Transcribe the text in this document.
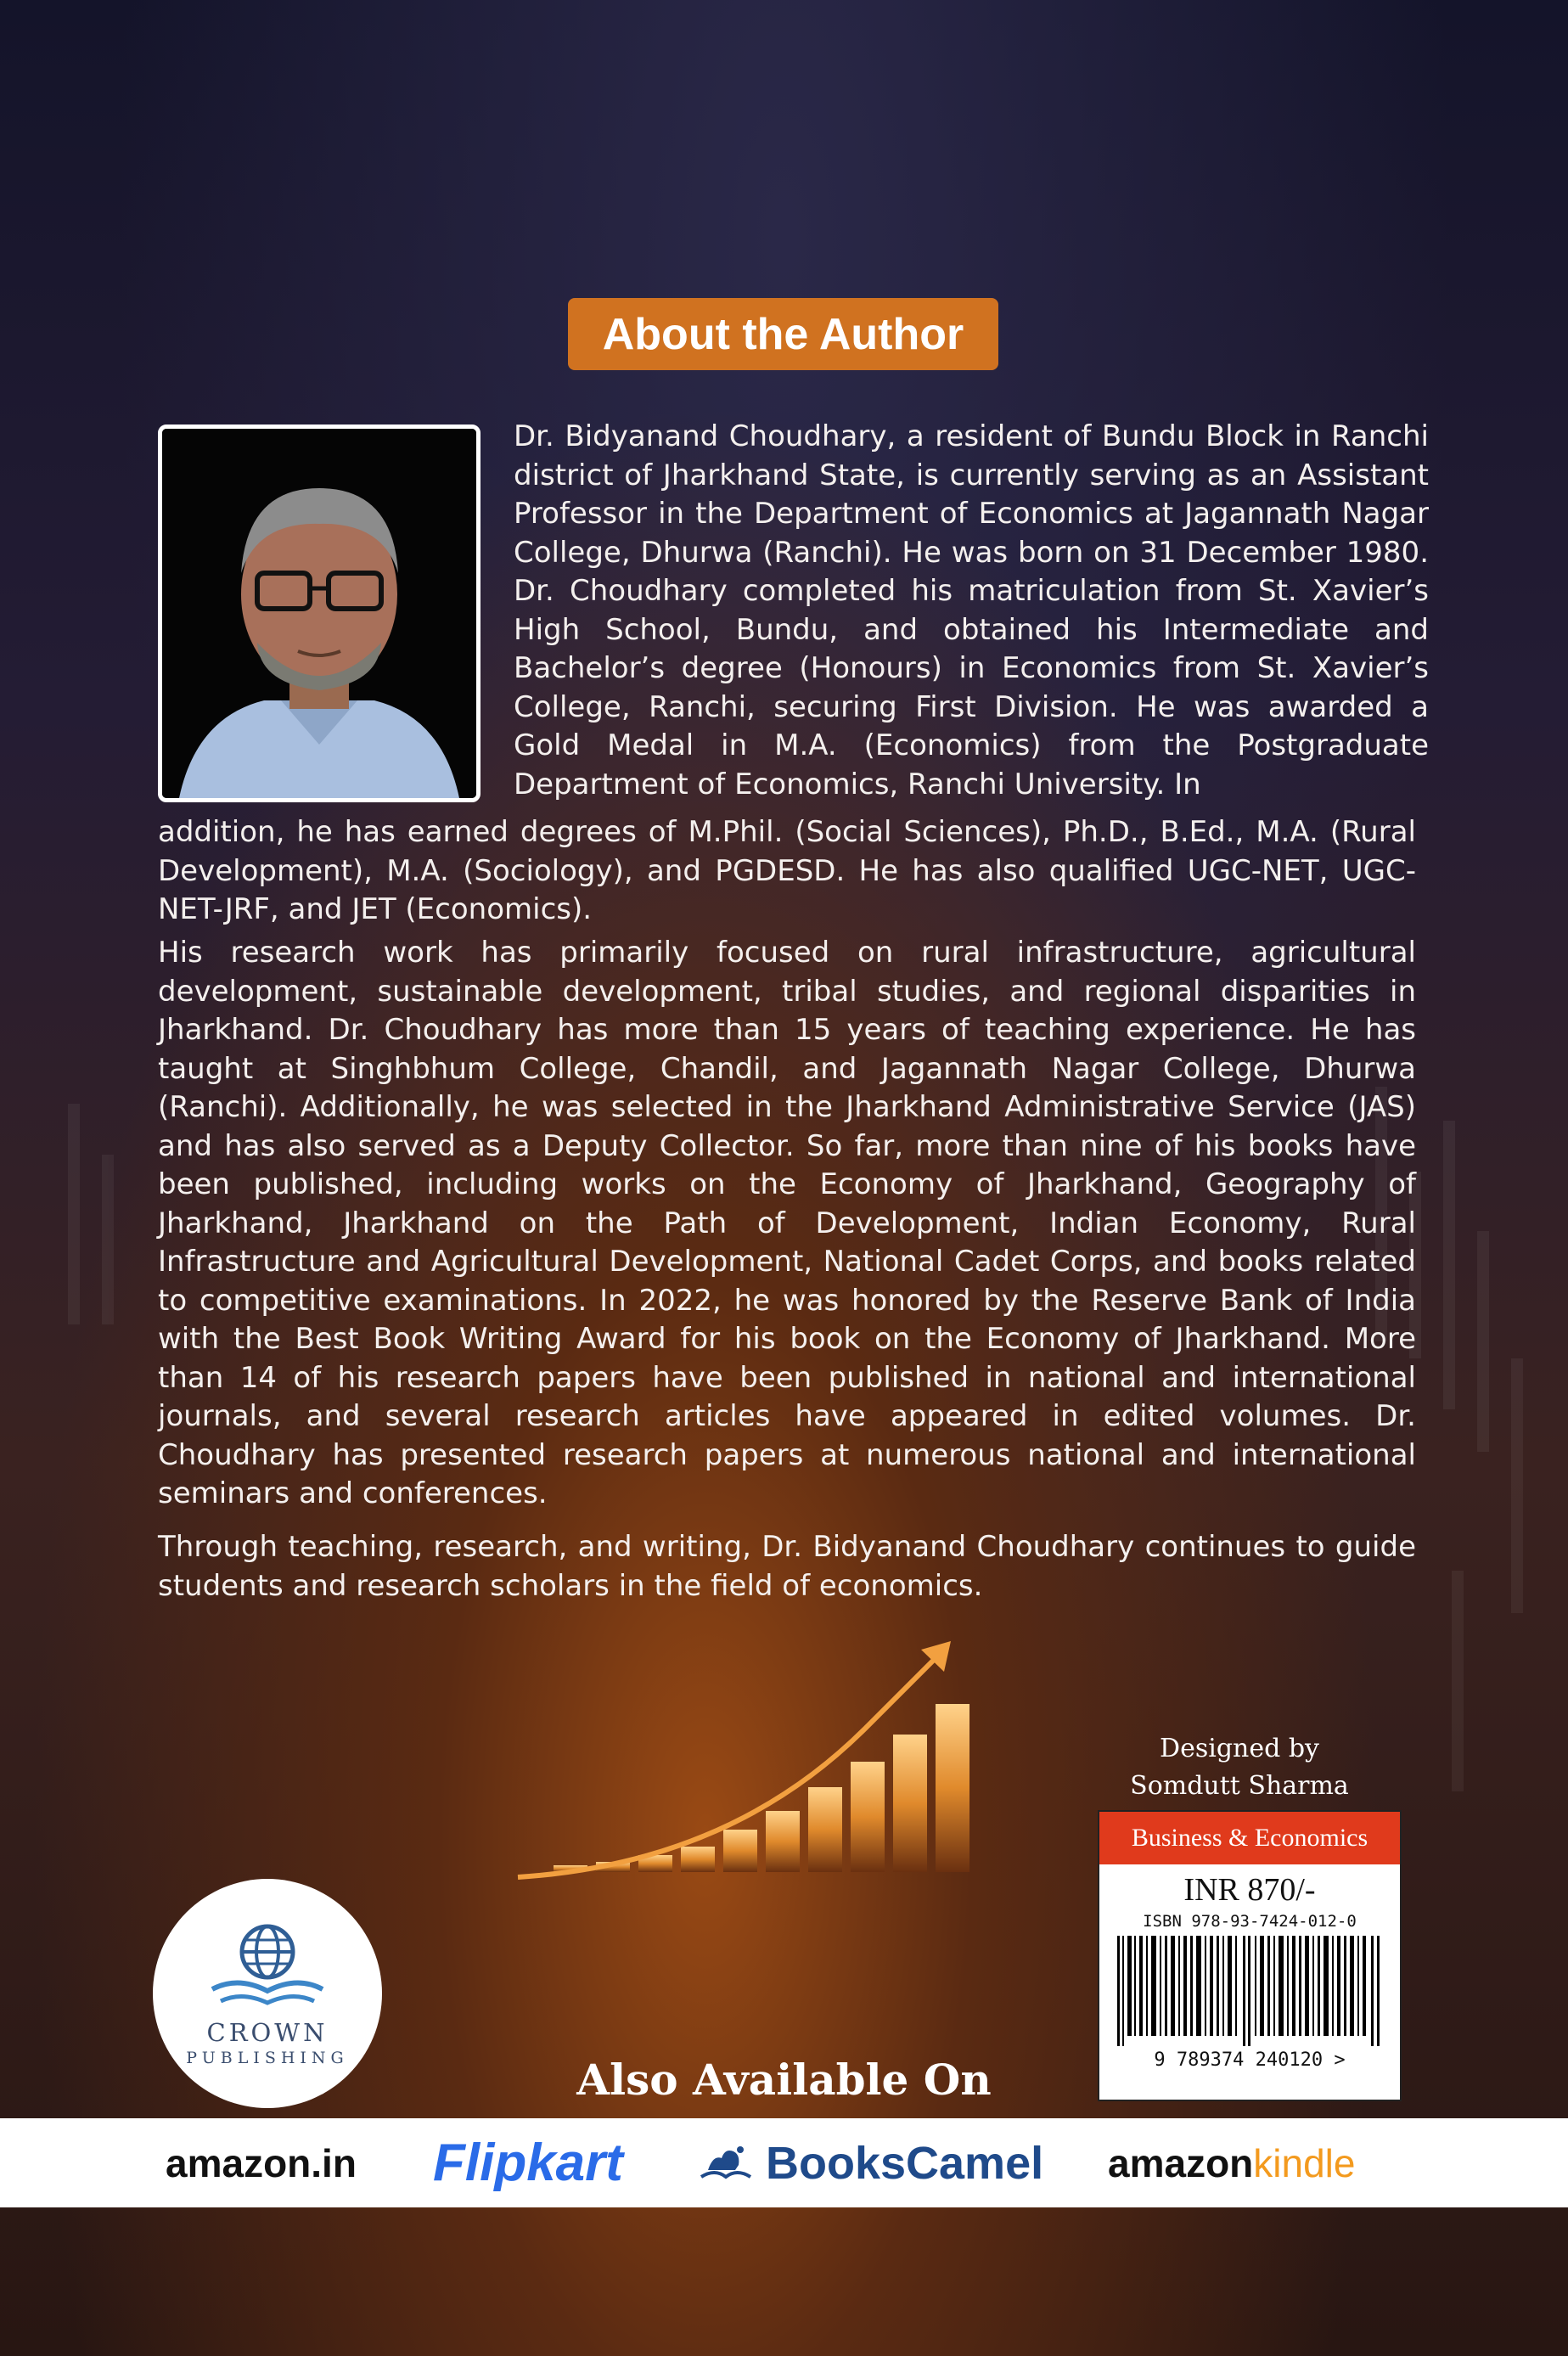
About the Author

Dr. Bidyanand Choudhary, a resident of Bundu Block in Ranchi district of Jharkhand State, is currently serving as an Assistant Professor in the Department of Economics at Jagannath Nagar College, Dhurwa (Ranchi). He was born on 31 December 1980. Dr. Choudhary completed his matriculation from St. Xavier’s High School, Bundu, and obtained his Intermediate and Bachelor’s degree (Honours) in Economics from St. Xavier’s College, Ranchi, securing First Division. He was awarded a Gold Medal in M.A. (Economics) from the Postgraduate Department of Economics, Ranchi University. In

addition, he has earned degrees of M.Phil. (Social Sciences), Ph.D., B.Ed., M.A. (Rural Development), M.A. (Sociology), and PGDESD. He has also qualified UGC-NET, UGC-NET-JRF, and JET (Economics).

His research work has primarily focused on rural infrastructure, agricultural development, sustainable development, tribal studies, and regional disparities in Jharkhand. Dr. Choudhary has more than 15 years of teaching experience. He has taught at Singhbhum College, Chandil, and Jagannath Nagar College, Dhurwa (Ranchi). Additionally, he was selected in the Jharkhand Administrative Service (JAS) and has also served as a Deputy Collector. So far, more than nine of his books have been published, including works on the Economy of Jharkhand, Geography of Jharkhand, Jharkhand on the Path of Development, Indian Economy, Rural Infrastructure and Agricultural Development, National Cadet Corps, and books related to competitive examinations. In 2022, he was honored by the Reserve Bank of India with the Best Book Writing Award for his book on the Economy of Jharkhand. More than 14 of his research papers have been published in national and international journals, and several research articles have appeared in edited volumes. Dr. Choudhary has presented research papers at numerous national and international seminars and conferences.

Through teaching, research, and writing, Dr. Bidyanand Choudhary continues to guide students and research scholars in the field of economics.

Designed by
Somdutt Sharma
Business & Economics
INR 870/-
ISBN 978-93-7424-012-0
9 789374 240120 >
CROWN
PUBLISHING	Also Available On
amazon.in Flipkart	BooksCamel amazon kindle
